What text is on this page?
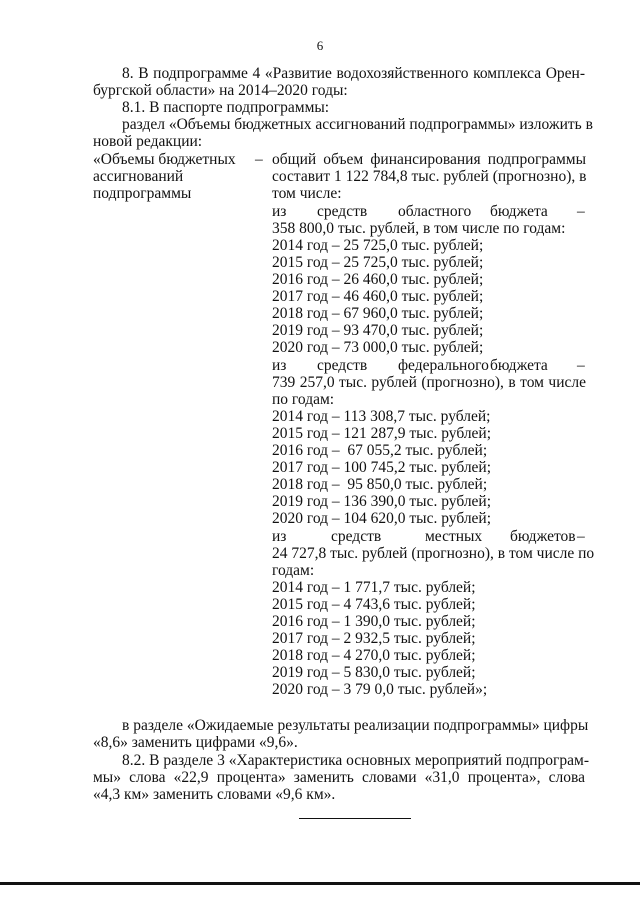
6
8. В подпрограмме 4 «Развитие водохозяйственного комплекса Орен-
бургской области» на 2014–2020 годы:
8.1. В паспорте подпрограммы:
раздел «Объемы бюджетных ассигнований подпрограммы» изложить в
новой редакции:
«Объемы бюджетных
ассигнований
подпрограммы
– общий объем финансирования подпрограммы
составит 1 122 784,8 тыс. рублей (прогнозно), в
том числе:
из средств областного бюджета –
358 800,0 тыс. рублей, в том числе по годам:
2014 год – 25 725,0 тыс. рублей;
2015 год – 25 725,0 тыс. рублей;
2016 год – 26 460,0 тыс. рублей;
2017 год – 46 460,0 тыс. рублей;
2018 год – 67 960,0 тыс. рублей;
2019 год – 93 470,0 тыс. рублей;
2020 год – 73 000,0 тыс. рублей;
из средств федерального бюджета –
739 257,0 тыс. рублей (прогнозно), в том числе
по годам:
2014 год – 113 308,7 тыс. рублей;
2015 год – 121 287,9 тыс. рублей;
2016 год –  67 055,2 тыс. рублей;
2017 год – 100 745,2 тыс. рублей;
2018 год –  95 850,0 тыс. рублей;
2019 год – 136 390,0 тыс. рублей;
2020 год – 104 620,0 тыс. рублей;
из	средств	местных бюджетов –
24 727,8 тыс. рублей (прогнозно), в том числе по
годам:
2014 год – 1 771,7 тыс. рублей;
2015 год – 4 743,6 тыс. рублей;
2016 год – 1 390,0 тыс. рублей;
2017 год – 2 932,5 тыс. рублей;
2018 год – 4 270,0 тыс. рублей;
2019 год – 5 830,0 тыс. рублей;
2020 год – 3 79 0,0 тыс. рублей»;
в разделе «Ожидаемые результаты реализации подпрограммы» цифры
«8,6» заменить цифрами «9,6».
8.2. В разделе 3 «Характеристика основных мероприятий подпрограм-
мы» слова «22,9 процента» заменить словами «31,0 процента», слова
«4,3 км» заменить словами «9,6 км».
